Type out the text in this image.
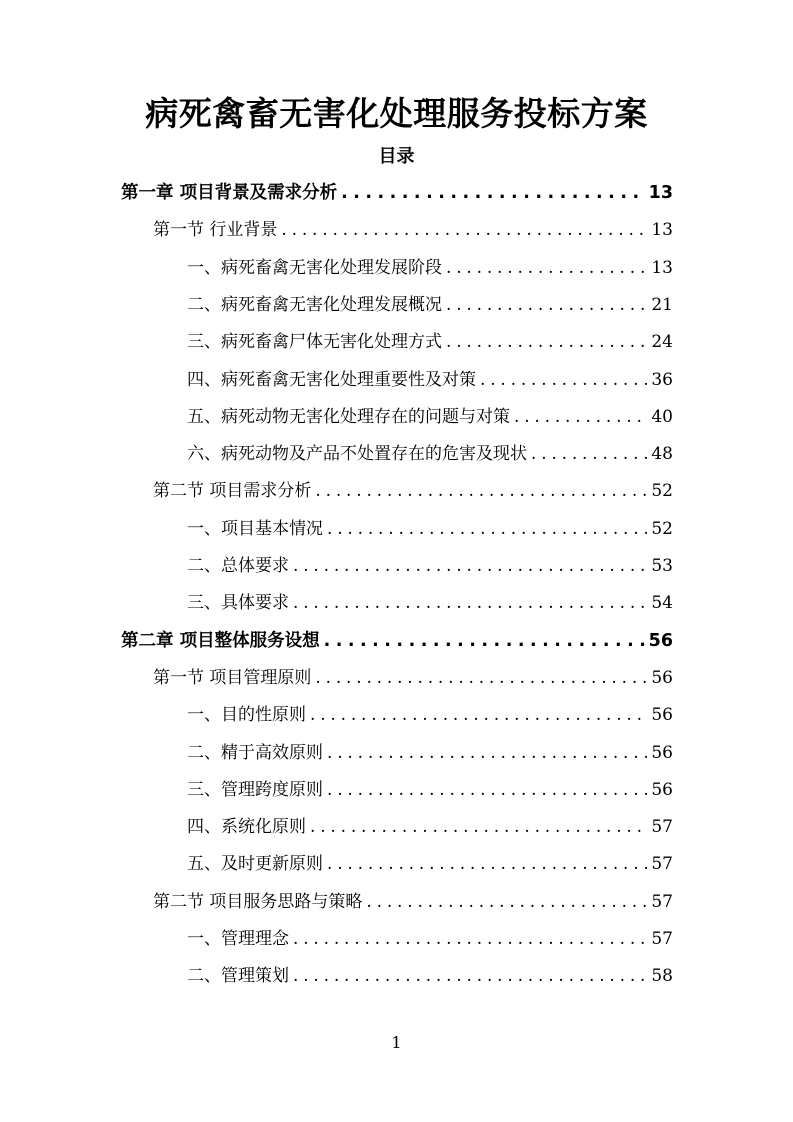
病死禽畜无害化处理服务投标方案
目录
第一章 项目背景及需求分析 . . .	13
第一节 行业背景 . . .	13
一、病死畜禽无害化处理发展阶段 . . .	13
二、病死畜禽无害化处理发展概况 . . .	21
三、病死畜禽尸体无害化处理方式 . . .	24
四、病死畜禽无害化处理重要性及对策 . . .	36
五、病死动物无害化处理存在的问题与对策 . . .	40
六、病死动物及产品不处置存在的危害及现状 . . .	48
第二节 项目需求分析 . . .	52
一、项目基本情况 . . .	52
二、总体要求 . . .	53
三、具体要求 . . .	54
第二章 项目整体服务设想 . . .	56
第一节 项目管理原则 . . .	56
一、目的性原则 . . .	56
二、精于高效原则 . . .	56
三、管理跨度原则 . . .	56
四、系统化原则 . . .	57
五、及时更新原则 . . .	57
第二节 项目服务思路与策略 . . .	57
一、管理理念 . . .	57
二、管理策划 . . .	58
1
